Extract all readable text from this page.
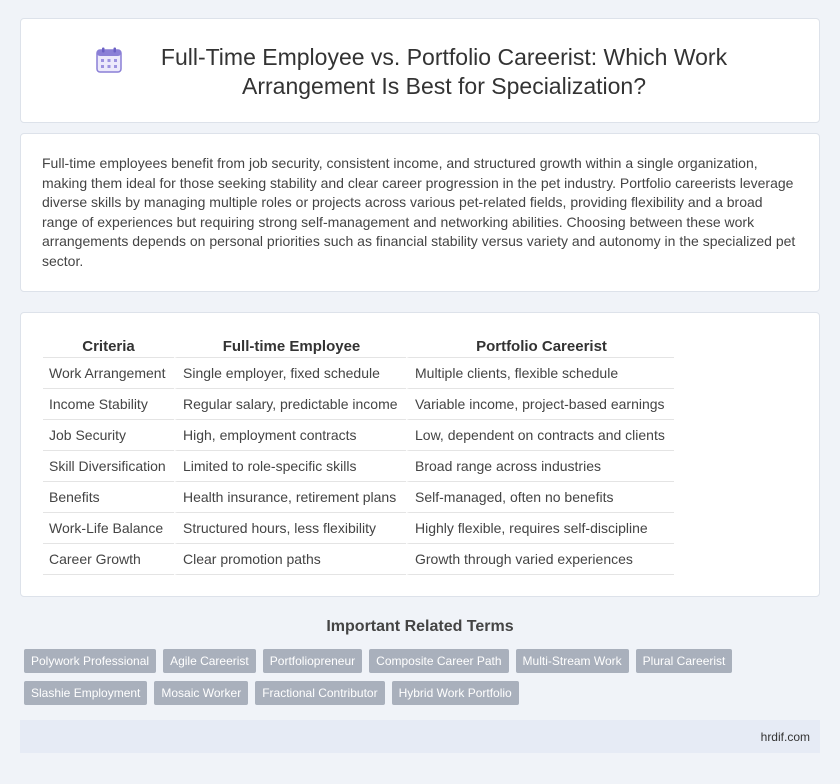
Full-Time Employee vs. Portfolio Careerist: Which Work Arrangement Is Best for Specialization?

Full-time employees benefit from job security, consistent income, and structured growth within a single organization, making them ideal for those seeking stability and clear career progression in the pet industry. Portfolio careerists leverage diverse skills by managing multiple roles or projects across various pet-related fields, providing flexibility and a broad range of experiences but requiring strong self-management and networking abilities. Choosing between these work arrangements depends on personal priorities such as financial stability versus variety and autonomy in the specialized pet sector.

Criteria	Full-time Employee	Portfolio Careerist
Work Arrangement	Single employer, fixed schedule	Multiple clients, flexible schedule
Income Stability	Regular salary, predictable income	Variable income, project-based earnings
Job Security	High, employment contracts	Low, dependent on contracts and clients
Skill Diversification	Limited to role-specific skills	Broad range across industries
Benefits	Health insurance, retirement plans	Self-managed, often no benefits
Work-Life Balance	Structured hours, less flexibility	Highly flexible, requires self-discipline
Career Growth	Clear promotion paths	Growth through varied experiences
Important Related Terms
Polywork Professional	Agile Careerist	Portfoliopreneur	Composite Career Path	Multi-Stream Work	Plural Careerist
Slashie Employment	Mosaic Worker	Fractional Contributor	Hybrid Work Portfolio
hrdif.com
